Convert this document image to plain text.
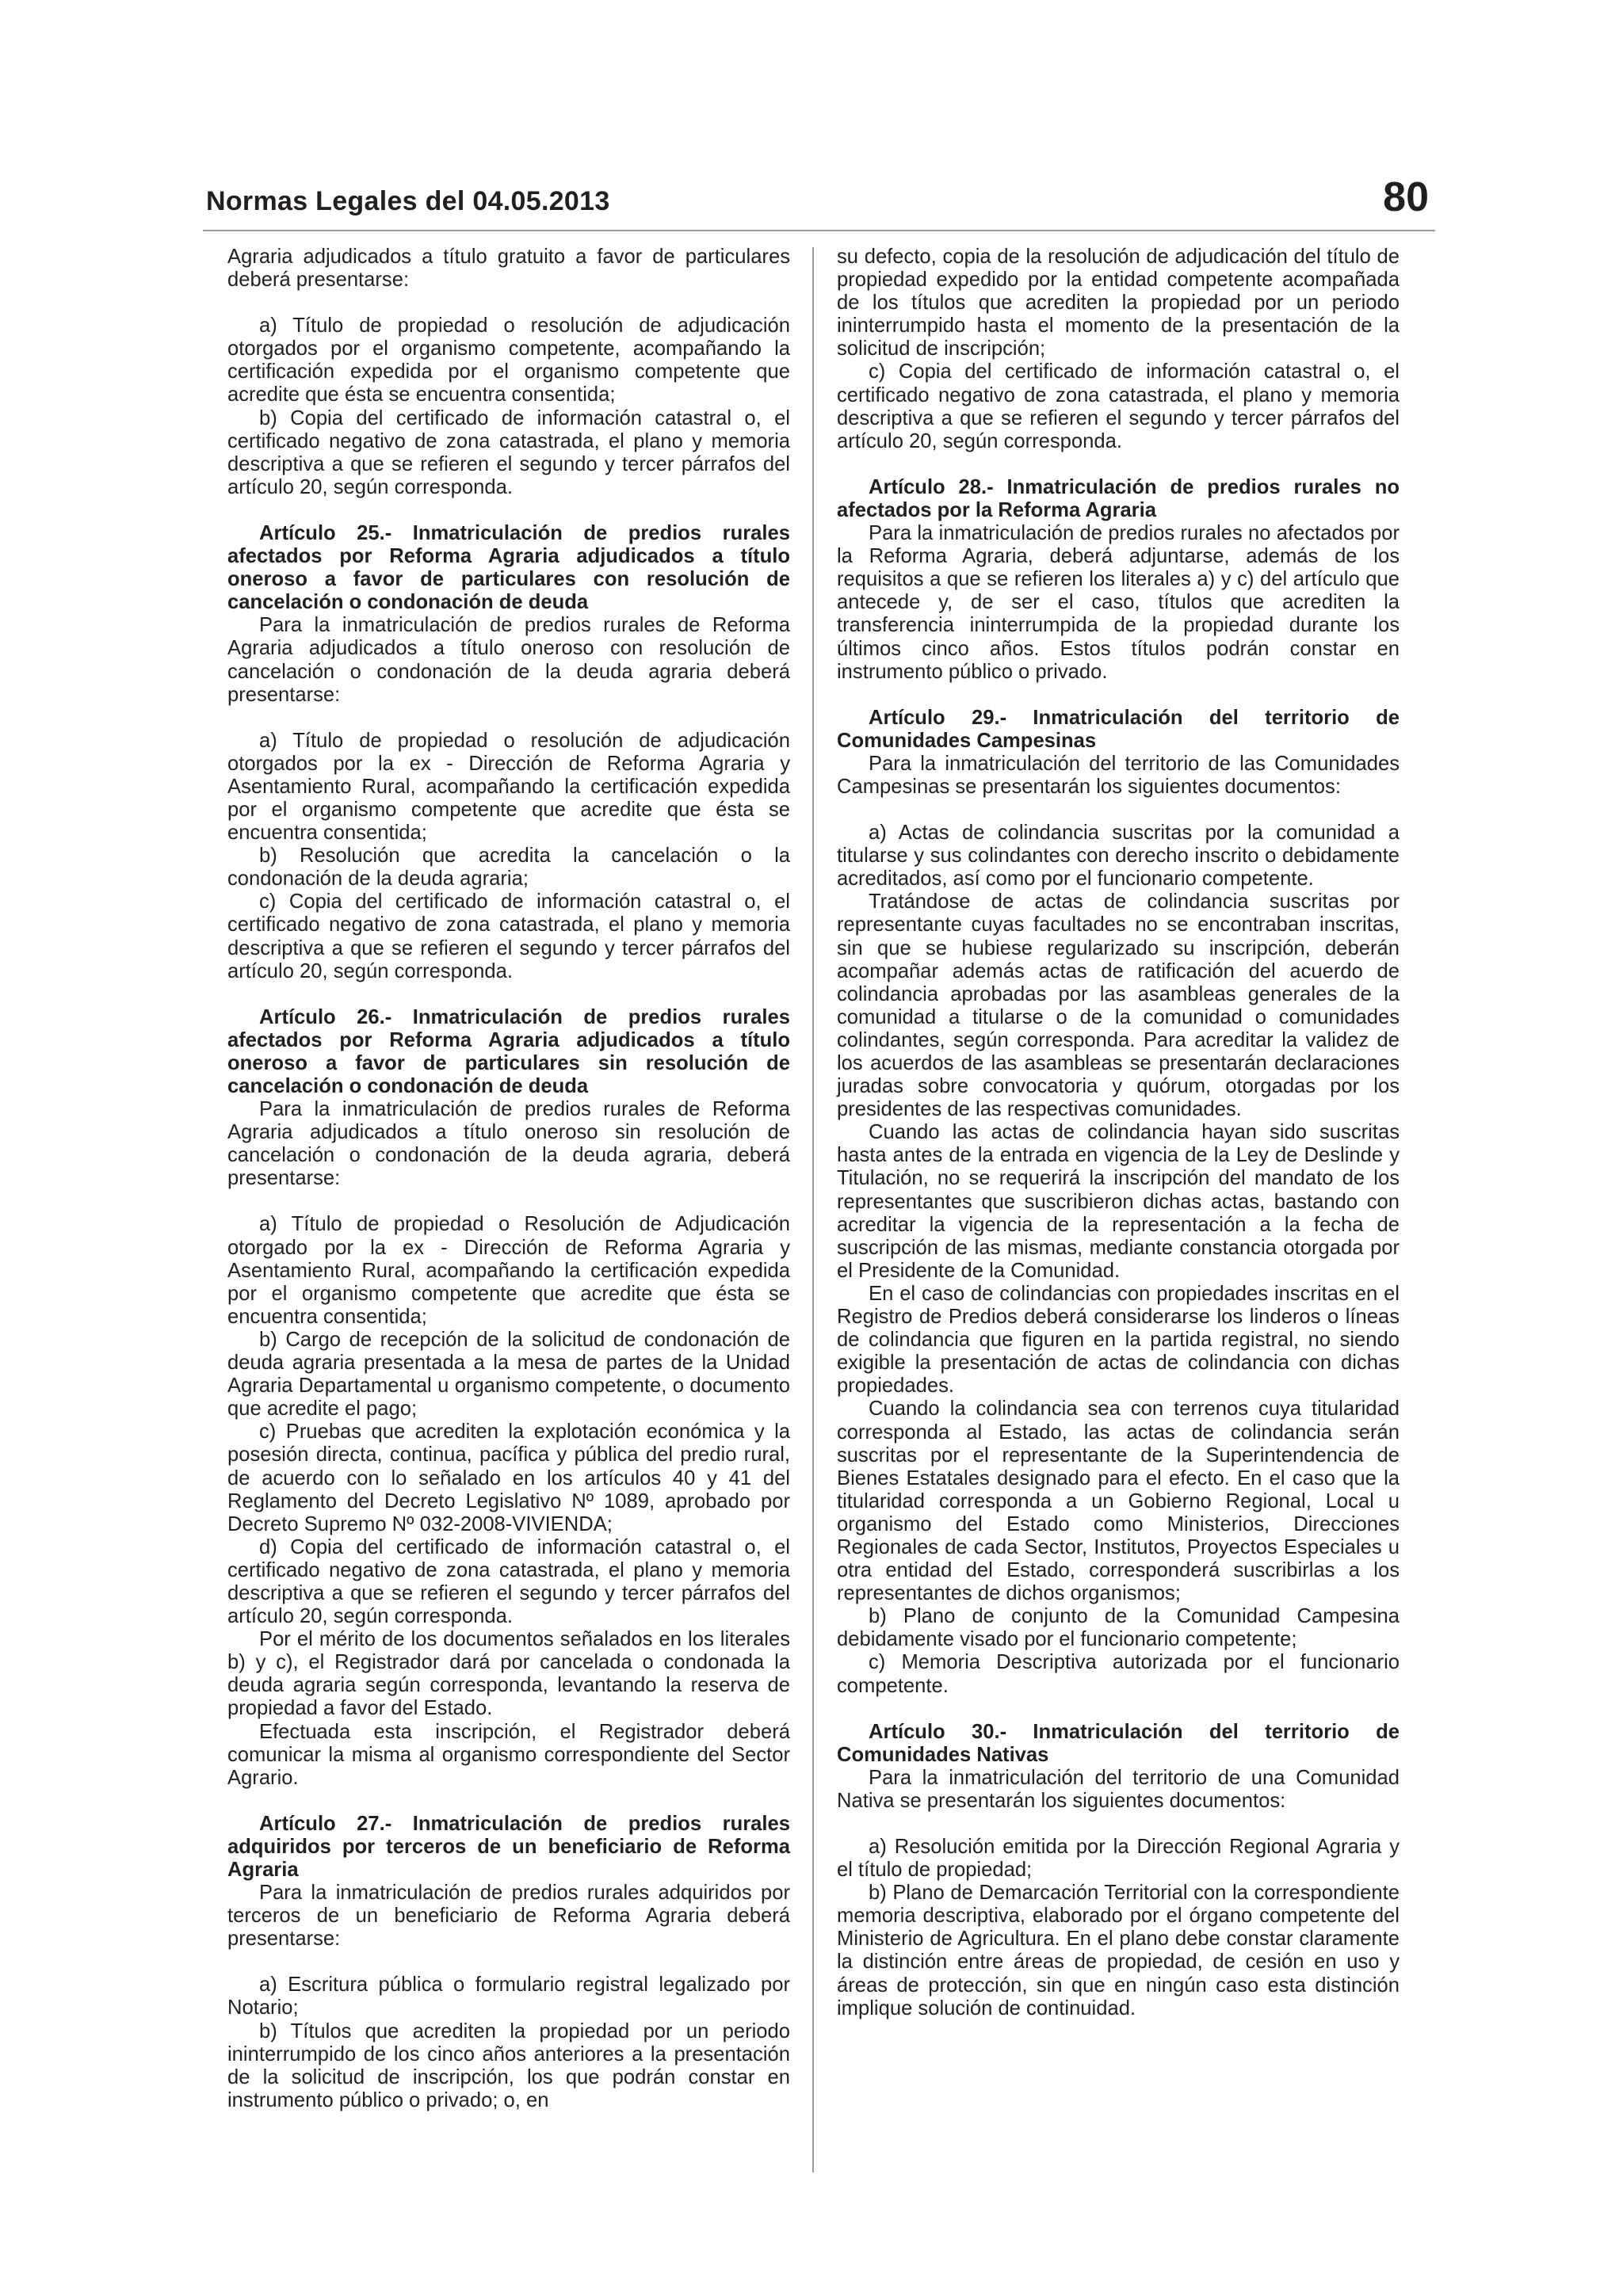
Normas Legales del 04.05.2013	80

Agraria adjudicados a título gratuito a favor de particulares deberá presentarse:

a) Título de propiedad o resolución de adjudicación otorgados por el organismo competente, acompañando la certificación expedida por el organismo competente que acredite que ésta se encuentra consentida;

b) Copia del certificado de información catastral o, el certificado negativo de zona catastrada, el plano y memoria descriptiva a que se refieren el segundo y tercer párrafos del artículo 20, según corresponda.

Artículo 25.- Inmatriculación de predios rurales afectados por Reforma Agraria adjudicados a título oneroso a favor de particulares con resolución de cancelación o condonación de deuda

Para la inmatriculación de predios rurales de Reforma Agraria adjudicados a título oneroso con resolución de cancelación o condonación de la deuda agraria deberá presentarse:

a) Título de propiedad o resolución de adjudicación otorgados por la ex - Dirección de Reforma Agraria y Asentamiento Rural, acompañando la certificación expedida por el organismo competente que acredite que ésta se encuentra consentida;

b) Resolución que acredita la cancelación o la condonación de la deuda agraria;

c) Copia del certificado de información catastral o, el certificado negativo de zona catastrada, el plano y memoria descriptiva a que se refieren el segundo y tercer párrafos del artículo 20, según corresponda.

Artículo 26.- Inmatriculación de predios rurales afectados por Reforma Agraria adjudicados a título oneroso a favor de particulares sin resolución de cancelación o condonación de deuda

Para la inmatriculación de predios rurales de Reforma Agraria adjudicados a título oneroso sin resolución de cancelación o condonación de la deuda agraria, deberá presentarse:

a) Título de propiedad o Resolución de Adjudicación otorgado por la ex - Dirección de Reforma Agraria y Asentamiento Rural, acompañando la certificación expedida por el organismo competente que acredite que ésta se encuentra consentida;

b) Cargo de recepción de la solicitud de condonación de deuda agraria presentada a la mesa de partes de la Unidad Agraria Departamental u organismo competente, o documento que acredite el pago;

c) Pruebas que acrediten la explotación económica y la posesión directa, continua, pacífica y pública del predio rural, de acuerdo con lo señalado en los artículos 40 y 41 del Reglamento del Decreto Legislativo Nº 1089, aprobado por Decreto Supremo Nº 032-2008-VIVIENDA;

d) Copia del certificado de información catastral o, el certificado negativo de zona catastrada, el plano y memoria descriptiva a que se refieren el segundo y tercer párrafos del artículo 20, según corresponda.

Por el mérito de los documentos señalados en los literales b) y c), el Registrador dará por cancelada o condonada la deuda agraria según corresponda, levantando la reserva de propiedad a favor del Estado.

Efectuada esta inscripción, el Registrador deberá comunicar la misma al organismo correspondiente del Sector Agrario.

Artículo 27.- Inmatriculación de predios rurales adquiridos por terceros de un beneficiario de Reforma Agraria

Para la inmatriculación de predios rurales adquiridos por terceros de un beneficiario de Reforma Agraria deberá presentarse:

a) Escritura pública o formulario registral legalizado por Notario;

b) Títulos que acrediten la propiedad por un periodo ininterrumpido de los cinco años anteriores a la presentación de la solicitud de inscripción, los que podrán constar en instrumento público o privado; o, en

su defecto, copia de la resolución de adjudicación del título de propiedad expedido por la entidad competente acompañada de los títulos que acrediten la propiedad por un periodo ininterrumpido hasta el momento de la presentación de la solicitud de inscripción;

c) Copia del certificado de información catastral o, el certificado negativo de zona catastrada, el plano y memoria descriptiva a que se refieren el segundo y tercer párrafos del artículo 20, según corresponda.

Artículo 28.- Inmatriculación de predios rurales no afectados por la Reforma Agraria

Para la inmatriculación de predios rurales no afectados por la Reforma Agraria, deberá adjuntarse, además de los requisitos a que se refieren los literales a) y c) del artículo que antecede y, de ser el caso, títulos que acrediten la transferencia ininterrumpida de la propiedad durante los últimos cinco años. Estos títulos podrán constar en instrumento público o privado.

Artículo 29.- Inmatriculación del territorio de Comunidades Campesinas

Para la inmatriculación del territorio de las Comunidades Campesinas se presentarán los siguientes documentos:

a) Actas de colindancia suscritas por la comunidad a titularse y sus colindantes con derecho inscrito o debidamente acreditados, así como por el funcionario competente.

Tratándose de actas de colindancia suscritas por representante cuyas facultades no se encontraban inscritas, sin que se hubiese regularizado su inscripción, deberán acompañar además actas de ratificación del acuerdo de colindancia aprobadas por las asambleas generales de la comunidad a titularse o de la comunidad o comunidades colindantes, según corresponda. Para acreditar la validez de los acuerdos de las asambleas se presentarán declaraciones juradas sobre convocatoria y quórum, otorgadas por los presidentes de las respectivas comunidades.

Cuando las actas de colindancia hayan sido suscritas hasta antes de la entrada en vigencia de la Ley de Deslinde y Titulación, no se requerirá la inscripción del mandato de los representantes que suscribieron dichas actas, bastando con acreditar la vigencia de la representación a la fecha de suscripción de las mismas, mediante constancia otorgada por el Presidente de la Comunidad.

En el caso de colindancias con propiedades inscritas en el Registro de Predios deberá considerarse los linderos o líneas de colindancia que figuren en la partida registral, no siendo exigible la presentación de actas de colindancia con dichas propiedades.

Cuando la colindancia sea con terrenos cuya titularidad corresponda al Estado, las actas de colindancia serán suscritas por el representante de la Superintendencia de Bienes Estatales designado para el efecto. En el caso que la titularidad corresponda a un Gobierno Regional, Local u organismo del Estado como Ministerios, Direcciones Regionales de cada Sector, Institutos, Proyectos Especiales u otra entidad del Estado, corresponderá suscribirlas a los representantes de dichos organismos;

b) Plano de conjunto de la Comunidad Campesina debidamente visado por el funcionario competente;

c) Memoria Descriptiva autorizada por el funcionario competente.

Artículo 30.- Inmatriculación del territorio de Comunidades Nativas

Para la inmatriculación del territorio de una Comunidad Nativa se presentarán los siguientes documentos:

a) Resolución emitida por la Dirección Regional Agraria y el título de propiedad;

b) Plano de Demarcación Territorial con la correspondiente memoria descriptiva, elaborado por el órgano competente del Ministerio de Agricultura. En el plano debe constar claramente la distinción entre áreas de propiedad, de cesión en uso y áreas de protección, sin que en ningún caso esta distinción implique solución de continuidad.
